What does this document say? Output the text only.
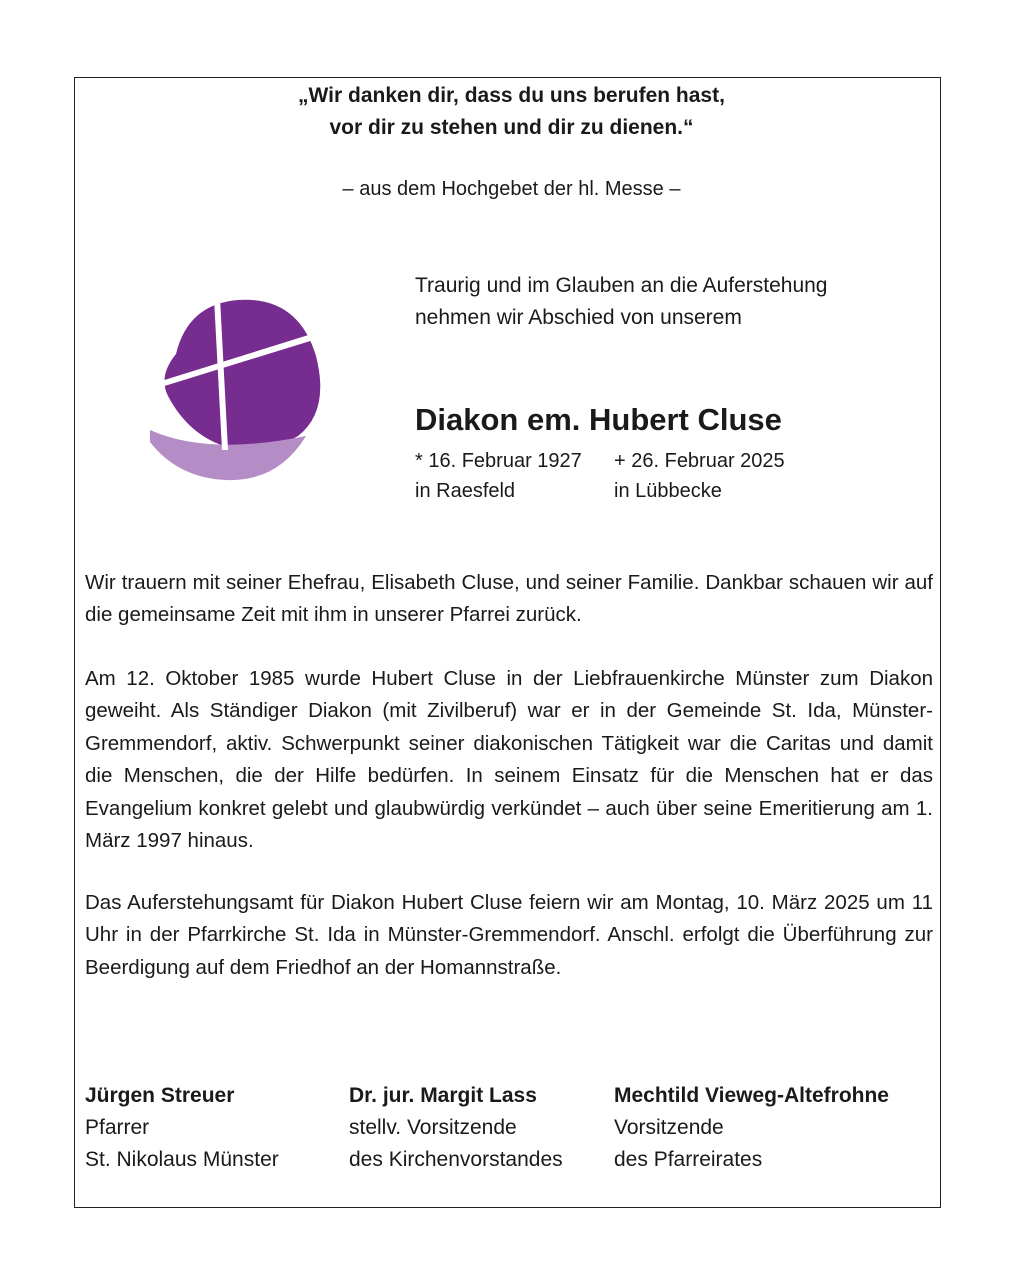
„Wir danken dir, dass du uns berufen hast,
vor dir zu stehen und dir zu dienen.“
– aus dem Hochgebet der hl. Messe –
Traurig und im Glauben an die Auferstehung
nehmen wir Abschied von unserem
Diakon em. Hubert Cluse
* 16. Februar 1927
in Raesfeld
+ 26. Februar 2025
in Lübbecke
Wir trauern mit seiner Ehefrau, Elisabeth Cluse, und seiner Familie. Dankbar schauen wir auf die gemeinsame Zeit mit ihm in unserer Pfarrei zurück.
Am 12. Oktober 1985 wurde Hubert Cluse in der Liebfrauenkirche Münster zum Diakon geweiht. Als Ständiger Diakon (mit Zivilberuf) war er in der Gemeinde St. Ida, Münster-Gremmendorf, aktiv. Schwerpunkt seiner diakonischen Tätigkeit war die Caritas und damit die Menschen, die der Hilfe bedürfen. In seinem Einsatz für die Menschen hat er das Evangelium konkret gelebt und glaubwürdig verkündet – auch über seine Emeritierung am 1. März 1997 hinaus.
Das Auferstehungsamt für Diakon Hubert Cluse feiern wir am Montag, 10. März 2025 um 11 Uhr in der Pfarrkirche St. Ida in Münster-Gremmendorf. Anschl. erfolgt die Überführung zur Beerdigung auf dem Friedhof an der Homannstraße.
Jürgen Streuer
Pfarrer
St. Nikolaus Münster
Dr. jur. Margit Lass
stellv. Vorsitzende
des Kirchenvorstandes
Mechtild Vieweg-Altefrohne
Vorsitzende
des Pfarreirates
